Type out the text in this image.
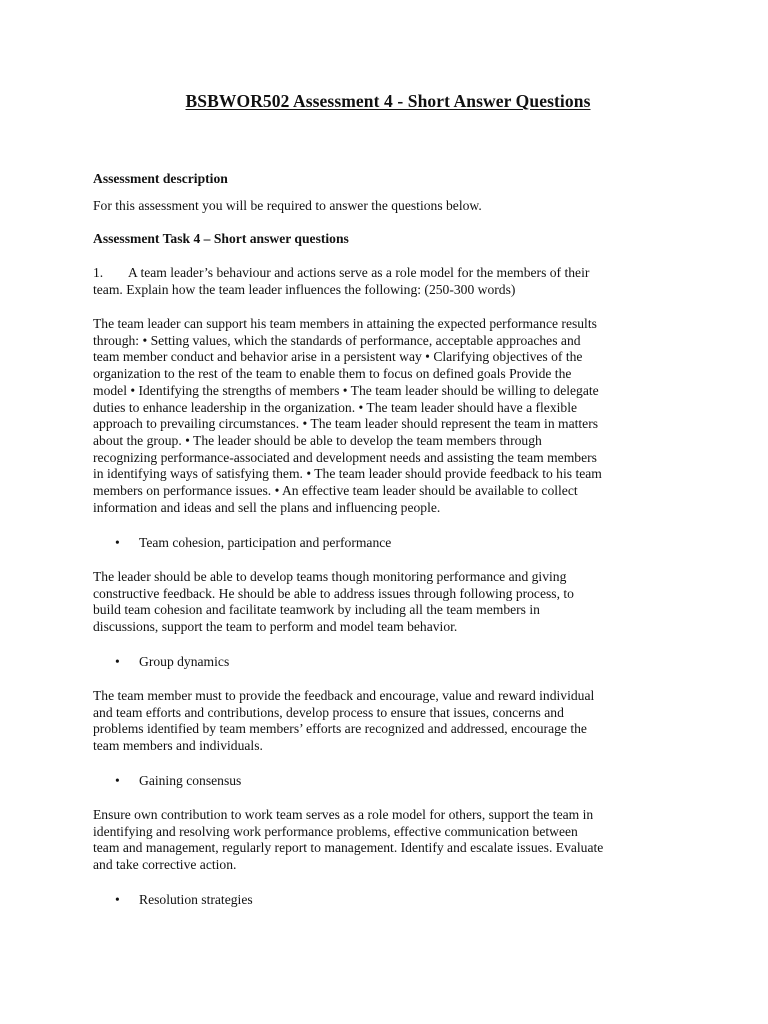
BSBWOR502 Assessment 4 - Short Answer Questions
Assessment description
For this assessment you will be required to answer the questions below.
Assessment Task 4 – Short answer questions
1. A team leader’s behaviour and actions serve as a role model for the members of their
team. Explain how the team leader influences the following: (250-300 words)
The team leader can support his team members in attaining the expected performance results
through: • Setting values, which the standards of performance, acceptable approaches and
team member conduct and behavior arise in a persistent way • Clarifying objectives of the
organization to the rest of the team to enable them to focus on defined goals Provide the
model • Identifying the strengths of members • The team leader should be willing to delegate
duties to enhance leadership in the organization. • The team leader should have a flexible
approach to prevailing circumstances. • The team leader should represent the team in matters
about the group. • The leader should be able to develop the team members through
recognizing performance-associated and development needs and assisting the team members
in identifying ways of satisfying them. • The team leader should provide feedback to his team
members on performance issues. • An effective team leader should be available to collect
information and ideas and sell the plans and influencing people.
• Team cohesion, participation and performance
The leader should be able to develop teams though monitoring performance and giving
constructive feedback. He should be able to address issues through following process, to
build team cohesion and facilitate teamwork by including all the team members in
discussions, support the team to perform and model team behavior.
• Group dynamics
The team member must to provide the feedback and encourage, value and reward individual
and team efforts and contributions, develop process to ensure that issues, concerns and
problems identified by team members’ efforts are recognized and addressed, encourage the
team members and individuals.
• Gaining consensus
Ensure own contribution to work team serves as a role model for others, support the team in
identifying and resolving work performance problems, effective communication between
team and management, regularly report to management. Identify and escalate issues. Evaluate
and take corrective action.
• Resolution strategies
